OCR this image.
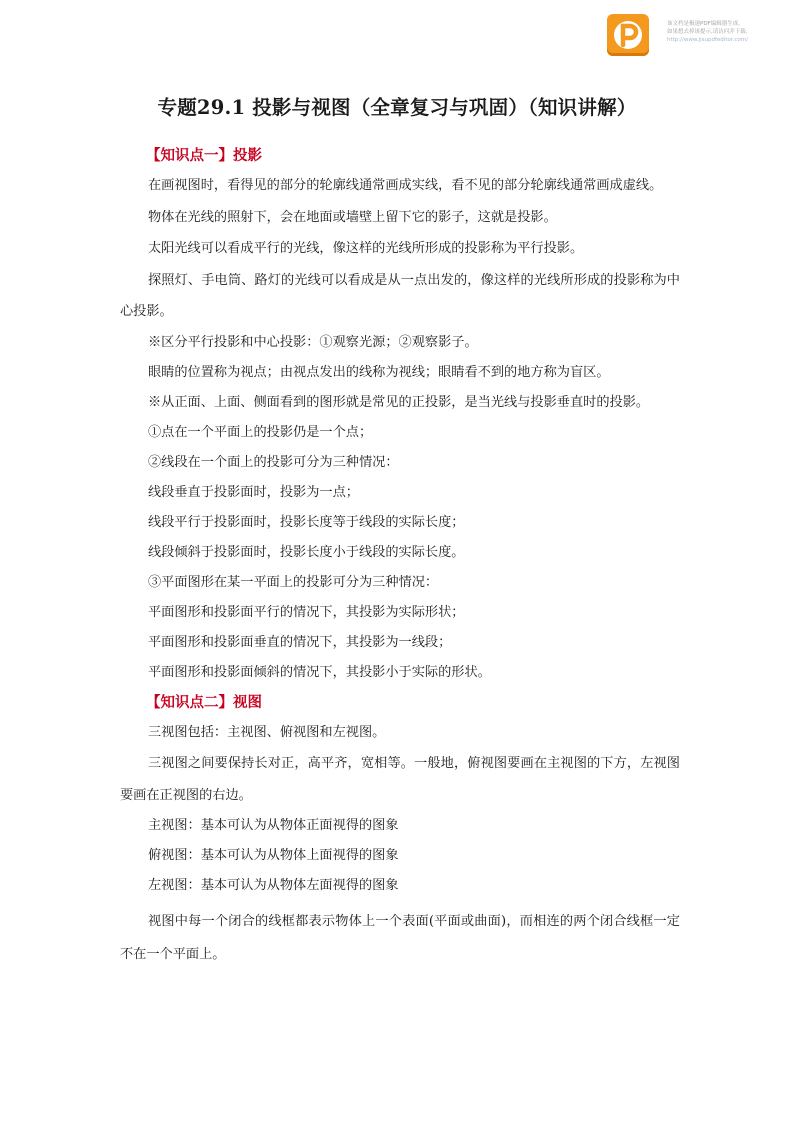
该文档是极速PDF编辑器生成,
如果想去掉该提示,请访问并下载:
http://www.jisupdfeditor.com/
专题29.1 投影与视图（全章复习与巩固）（知识讲解）
【知识点一】投影

在画视图时，看得见的部分的轮廓线通常画成实线，看不见的部分轮廓线通常画成虚线。

物体在光线的照射下，会在地面或墙壁上留下它的影子，这就是投影。

太阳光线可以看成平行的光线，像这样的光线所形成的投影称为平行投影。

探照灯、手电筒、路灯的光线可以看成是从一点出发的，像这样的光线所形成的投影称为中心投影。

※区分平行投影和中心投影：①观察光源；②观察影子。

眼睛的位置称为视点；由视点发出的线称为视线；眼睛看不到的地方称为盲区。

※从正面、上面、侧面看到的图形就是常见的正投影，是当光线与投影垂直时的投影。

①点在一个平面上的投影仍是一个点；

②线段在一个面上的投影可分为三种情况：

线段垂直于投影面时，投影为一点；

线段平行于投影面时，投影长度等于线段的实际长度；

线段倾斜于投影面时，投影长度小于线段的实际长度。

③平面图形在某一平面上的投影可分为三种情况：

平面图形和投影面平行的情况下，其投影为实际形状；

平面图形和投影面垂直的情况下，其投影为一线段；

平面图形和投影面倾斜的情况下，其投影小于实际的形状。

【知识点二】视图

三视图包括：主视图、俯视图和左视图。

三视图之间要保持长对正，高平齐，宽相等。一般地，俯视图要画在主视图的下方，左视图要画在正视图的右边。

主视图：基本可认为从物体正面视得的图象

俯视图：基本可认为从物体上面视得的图象

左视图：基本可认为从物体左面视得的图象

视图中每一个闭合的线框都表示物体上一个表面(平面或曲面)，而相连的两个闭合线框一定不在一个平面上。
